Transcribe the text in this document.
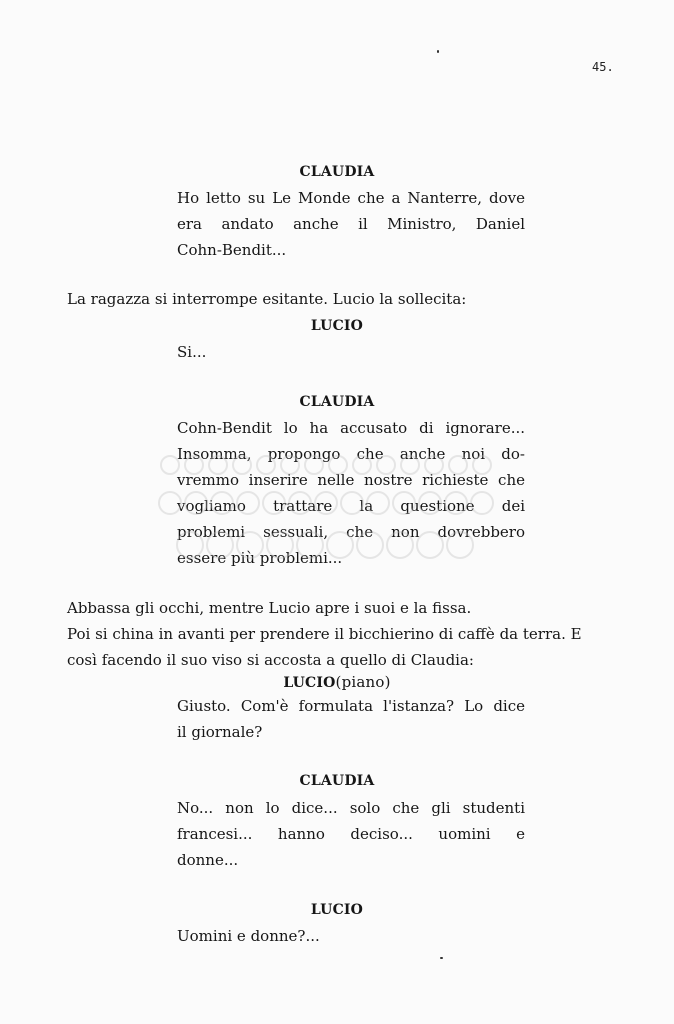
45.
CLAUDIA
Ho letto su Le Monde che a Nanterre, dove
era andato anche il Ministro, Daniel
Cohn-Bendit...
La ragazza si interrompe esitante. Lucio la sollecita:
LUCIO
Si...
CLAUDIA
Cohn-Bendit lo ha accusato di ignorare...
Insomma, propongo che anche noi do-
vremmo inserire nelle nostre richieste che
vogliamo trattare la questione dei
problemi sessuali, che non dovrebbero
essere più problemi...
Abbassa gli occhi, mentre Lucio apre i suoi e la fissa.
Poi si china in avanti per prendere il bicchierino di caffè da terra. E
così facendo il suo viso si accosta a quello di Claudia:
LUCIO(piano)
Giusto. Com'è formulata l'istanza? Lo dice
il giornale?
CLAUDIA
No... non lo dice... solo che gli studenti
francesi... hanno deciso... uomini e
donne...
LUCIO
Uomini e donne?...
